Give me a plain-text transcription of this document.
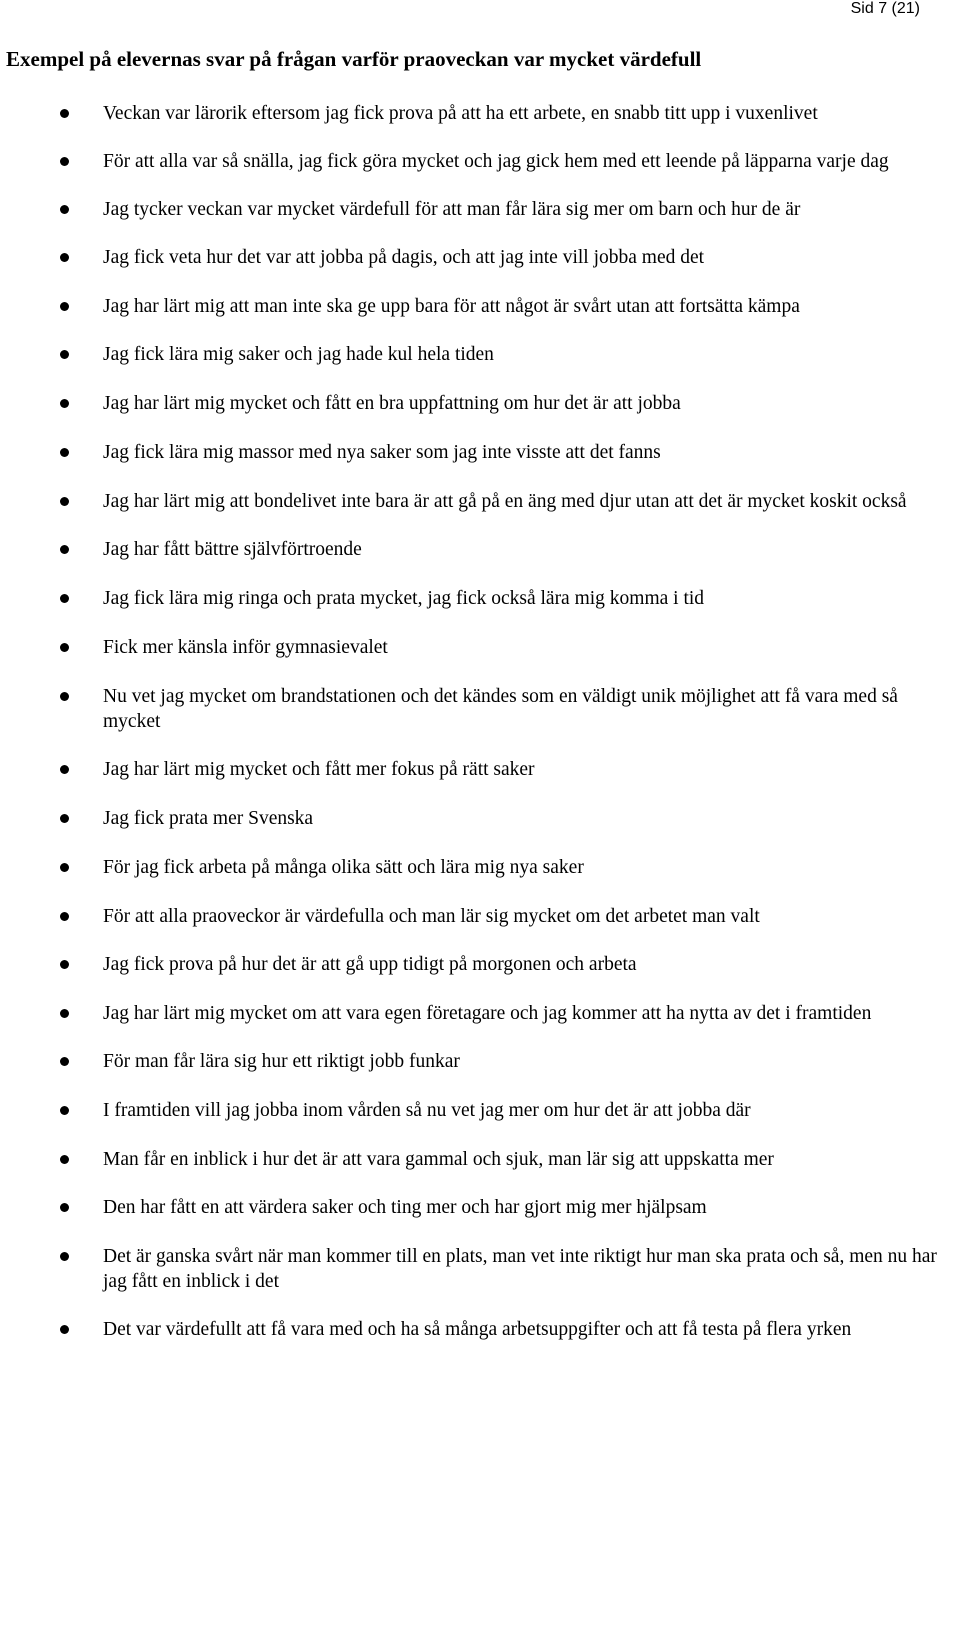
Sid 7 (21)
Exempel på elevernas svar på frågan varför praoveckan var mycket värdefull
Veckan var lärorik eftersom jag fick prova på att ha ett arbete, en snabb titt upp i vuxenlivet
För att alla var så snälla, jag fick göra mycket och jag gick hem med ett leende på läpparna varje dag
Jag tycker veckan var mycket värdefull för att man får lära sig mer om barn och hur de är
Jag fick veta hur det var att jobba på dagis, och att jag inte vill jobba med det
Jag har lärt mig att man inte ska ge upp bara för att något är svårt utan att fortsätta kämpa
Jag fick lära mig saker och jag hade kul hela tiden
Jag har lärt mig mycket och fått en bra uppfattning om hur det är att jobba
Jag fick lära mig massor med nya saker som jag inte visste att det fanns
Jag har lärt mig att bondelivet inte bara är att gå på en äng med djur utan att det är mycket koskit också
Jag har fått bättre självförtroende
Jag fick lära mig ringa och prata mycket, jag fick också lära mig komma i tid
Fick mer känsla inför gymnasievalet
Nu vet jag mycket om brandstationen och det kändes som en väldigt unik möjlighet att få vara med så mycket
Jag har lärt mig mycket och fått mer fokus på rätt saker
Jag fick prata mer Svenska
För jag fick arbeta på många olika sätt och lära mig nya saker
För att alla praoveckor är värdefulla och man lär sig mycket om det arbetet man valt
Jag fick prova på hur det är att gå upp tidigt på morgonen och arbeta
Jag har lärt mig mycket om att vara egen företagare och jag kommer att ha nytta av det i framtiden
För man får lära sig hur ett riktigt jobb funkar
I framtiden vill jag jobba inom vården så nu vet jag mer om hur det är att jobba där
Man får en inblick i hur det är att vara gammal och sjuk, man lär sig att uppskatta mer
Den har fått en att värdera saker och ting mer och har gjort mig mer hjälpsam
Det är ganska svårt när man kommer till en plats, man vet inte riktigt hur man ska prata och så, men nu har jag fått en inblick i det
Det var värdefullt att få vara med och ha så många arbetsuppgifter och att få testa på flera yrken
